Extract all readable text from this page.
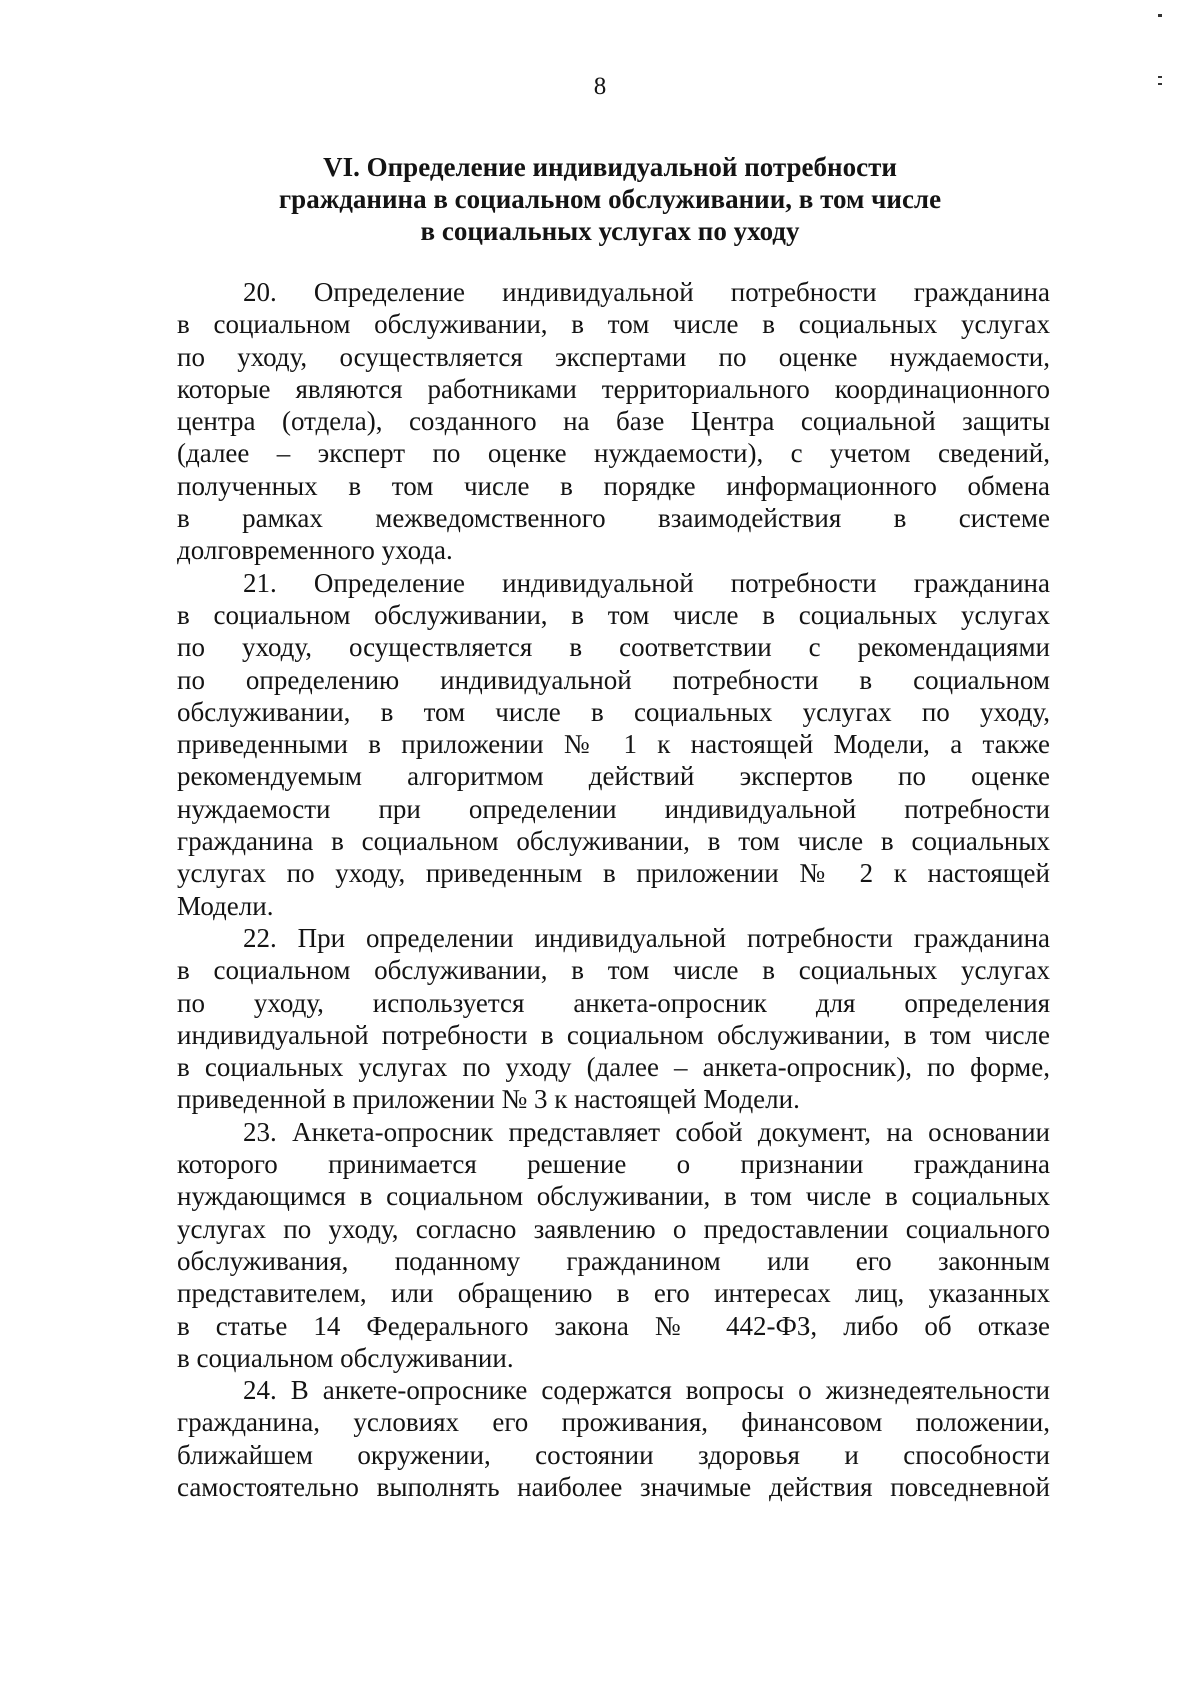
8
VI. Определение индивидуальной потребности
гражданина в социальном обслуживании, в том числе
в социальных услугах по уходу
20. Определение индивидуальной потребности гражданина
в социальном обслуживании, в том числе в социальных услугах
по уходу, осуществляется экспертами по оценке нуждаемости,
которые являются работниками территориального координационного
центра (отдела), созданного на базе Центра социальной защиты
(далее – эксперт по оценке нуждаемости), с учетом сведений,
полученных в том числе в порядке информационного обмена
в рамках межведомственного взаимодействия в системе
долговременного ухода.
21. Определение индивидуальной потребности гражданина
в социальном обслуживании, в том числе в социальных услугах
по уходу, осуществляется в соответствии с рекомендациями
по определению индивидуальной потребности в социальном
обслуживании, в том числе в социальных услугах по уходу,
приведенными в приложении № 1 к настоящей Модели, а также
рекомендуемым алгоритмом действий экспертов по оценке
нуждаемости при определении индивидуальной потребности
гражданина в социальном обслуживании, в том числе в социальных
услугах по уходу, приведенным в приложении № 2 к настоящей
Модели.
22. При определении индивидуальной потребности гражданина
в социальном обслуживании, в том числе в социальных услугах
по уходу, используется анкета-опросник для определения
индивидуальной потребности в социальном обслуживании, в том числе
в социальных услугах по уходу (далее – анкета-опросник), по форме,
приведенной в приложении № 3 к настоящей Модели.
23. Анкета-опросник представляет собой документ, на основании
которого принимается решение о признании гражданина
нуждающимся в социальном обслуживании, в том числе в социальных
услугах по уходу, согласно заявлению о предоставлении социального
обслуживания, поданному гражданином или его законным
представителем, или обращению в его интересах лиц, указанных
в статье 14 Федерального закона № 442-ФЗ, либо об отказе
в социальном обслуживании.
24. В анкете-опроснике содержатся вопросы о жизнедеятельности
гражданина, условиях его проживания, финансовом положении,
ближайшем окружении, состоянии здоровья и способности
самостоятельно выполнять наиболее значимые действия повседневной
